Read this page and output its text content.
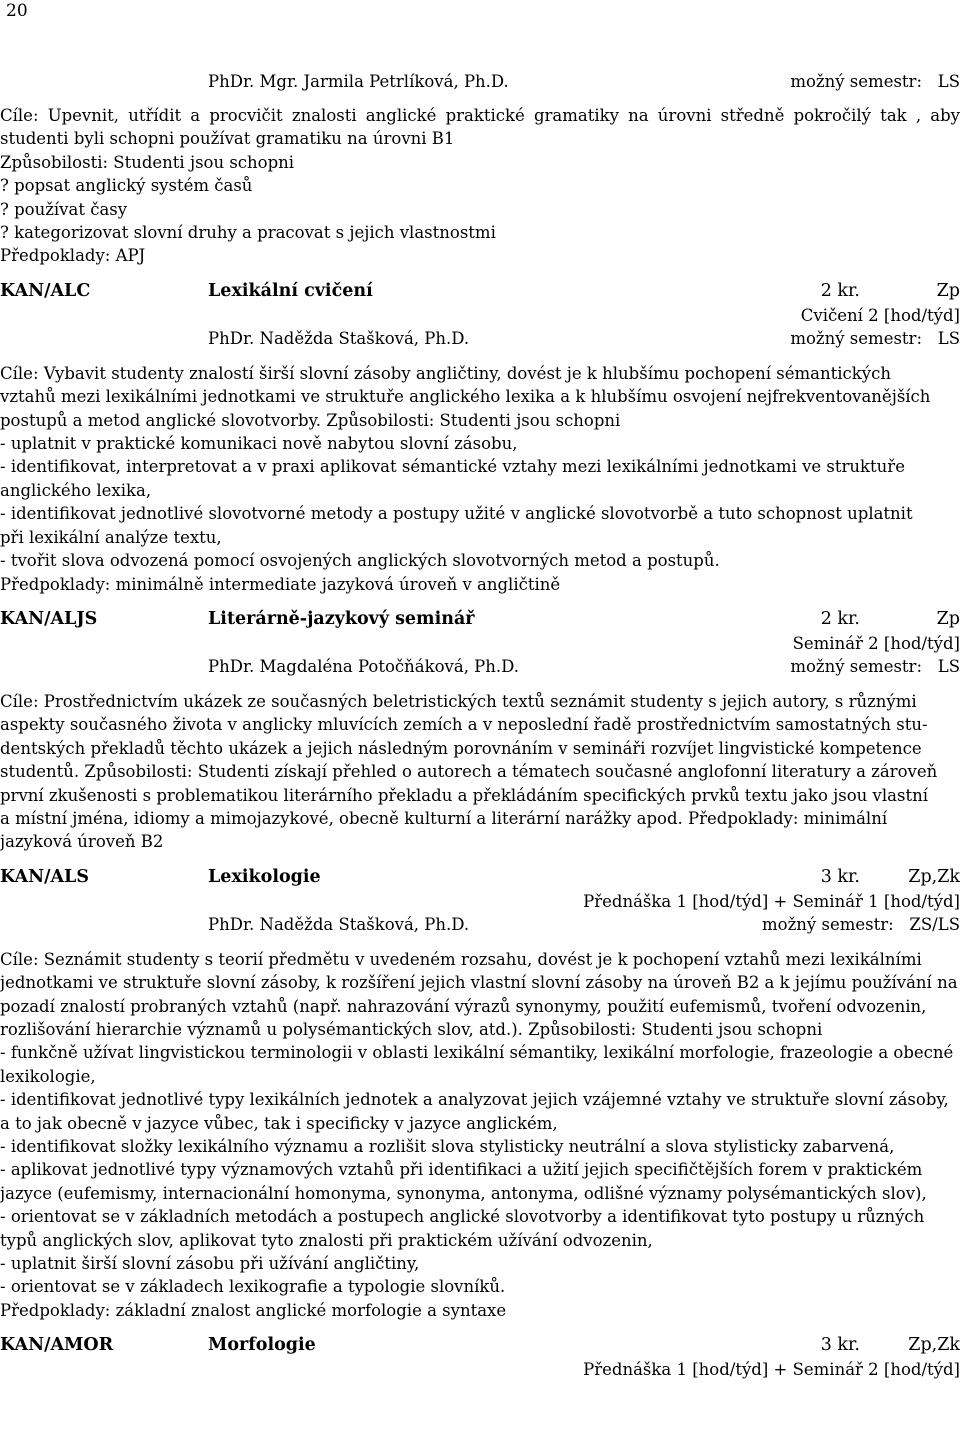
20
PhDr. Mgr. Jarmila Petrlíková, Ph.D.	možný semestr:   LS

Cíle: Upevnit, utřídit a procvičit znalosti anglické praktické gramatiky na úrovni středně pokročilý tak , aby studenti byli schopni používat gramatiku na úrovni B1

Způsobilosti: Studenti jsou schopni
? popsat anglický systém časů
? používat časy
? kategorizovat slovní druhy a pracovat s jejich vlastnostmi
Předpoklady: APJ
KAN/ALC	Lexikální cvičení	2 kr.	Zp
Cvičení 2 [hod/týd]
PhDr. Naděžda Stašková, Ph.D.	možný semestr:   LS
Cíle: Vybavit studenty znalostí širší slovní zásoby angličtiny, dovést je k hlubšímu pochopení sémantických
vztahů mezi lexikálními jednotkami ve struktuře anglického lexika a k hlubšímu osvojení nejfrekventovanějších
postupů a metod anglické slovotvorby. Způsobilosti: Studenti jsou schopni
- uplatnit v praktické komunikaci nově nabytou slovní zásobu,
- identifikovat, interpretovat a v praxi aplikovat sémantické vztahy mezi lexikálními jednotkami ve struktuře
anglického lexika,
- identifikovat jednotlivé slovotvorné metody a postupy užité v anglické slovotvorbě a tuto schopnost uplatnit
při lexikální analýze textu,
- tvořit slova odvozená pomocí osvojených anglických slovotvorných metod a postupů.
Předpoklady: minimálně intermediate jazyková úroveň v angličtině
KAN/ALJS	Literárně-jazykový seminář	2 kr.	Zp
Seminář 2 [hod/týd]
PhDr. Magdaléna Potočňáková, Ph.D.	možný semestr:   LS
Cíle: Prostřednictvím ukázek ze současných beletristických textů seznámit studenty s jejich autory, s různými
aspekty současného života v anglicky mluvících zemích a v neposlední řadě prostřednictvím samostatných stu-
dentských překladů těchto ukázek a jejich následným porovnáním v semináři rozvíjet lingvistické kompetence
studentů. Způsobilosti: Studenti získají přehled o autorech a tématech současné anglofonní literatury a zároveň
první zkušenosti s problematikou literárního překladu a překládáním specifických prvků textu jako jsou vlastní
a místní jména, idiomy a mimojazykové, obecně kulturní a literární narážky apod. Předpoklady: minimální
jazyková úroveň B2
KAN/ALS	Lexikologie	3 kr.	Zp,Zk
Přednáška 1 [hod/týd] + Seminář 1 [hod/týd]
PhDr. Naděžda Stašková, Ph.D.	možný semestr:   ZS/LS
Cíle: Seznámit studenty s teorií předmětu v uvedeném rozsahu, dovést je k pochopení vztahů mezi lexikálními
jednotkami ve struktuře slovní zásoby, k rozšíření jejich vlastní slovní zásoby na úroveň B2 a k jejímu používání na
pozadí znalostí probraných vztahů (např. nahrazování výrazů synonymy, použití eufemismů, tvoření odvozenin,
rozlišování hierarchie významů u polysémantických slov, atd.). Způsobilosti: Studenti jsou schopni
- funkčně užívat lingvistickou terminologii v oblasti lexikální sémantiky, lexikální morfologie, frazeologie a obecné
lexikologie,
- identifikovat jednotlivé typy lexikálních jednotek a analyzovat jejich vzájemné vztahy ve struktuře slovní zásoby,
a to jak obecně v jazyce vůbec, tak i specificky v jazyce anglickém,
- identifikovat složky lexikálního významu a rozlišit slova stylisticky neutrální a slova stylisticky zabarvená,
- aplikovat jednotlivé typy významových vztahů při identifikaci a užití jejich specifičtějších forem v praktickém
jazyce (eufemismy, internacionální homonyma, synonyma, antonyma, odlišné významy polysémantických slov),
- orientovat se v základních metodách a postupech anglické slovotvorby a identifikovat tyto postupy u různých
typů anglických slov, aplikovat tyto znalosti při praktickém užívání odvozenin,
- uplatnit širší slovní zásobu při užívání angličtiny,
- orientovat se v základech lexikografie a typologie slovníků.
Předpoklady: základní znalost anglické morfologie a syntaxe
KAN/AMOR	Morfologie	3 kr.	Zp,Zk
Přednáška 1 [hod/týd] + Seminář 2 [hod/týd]
